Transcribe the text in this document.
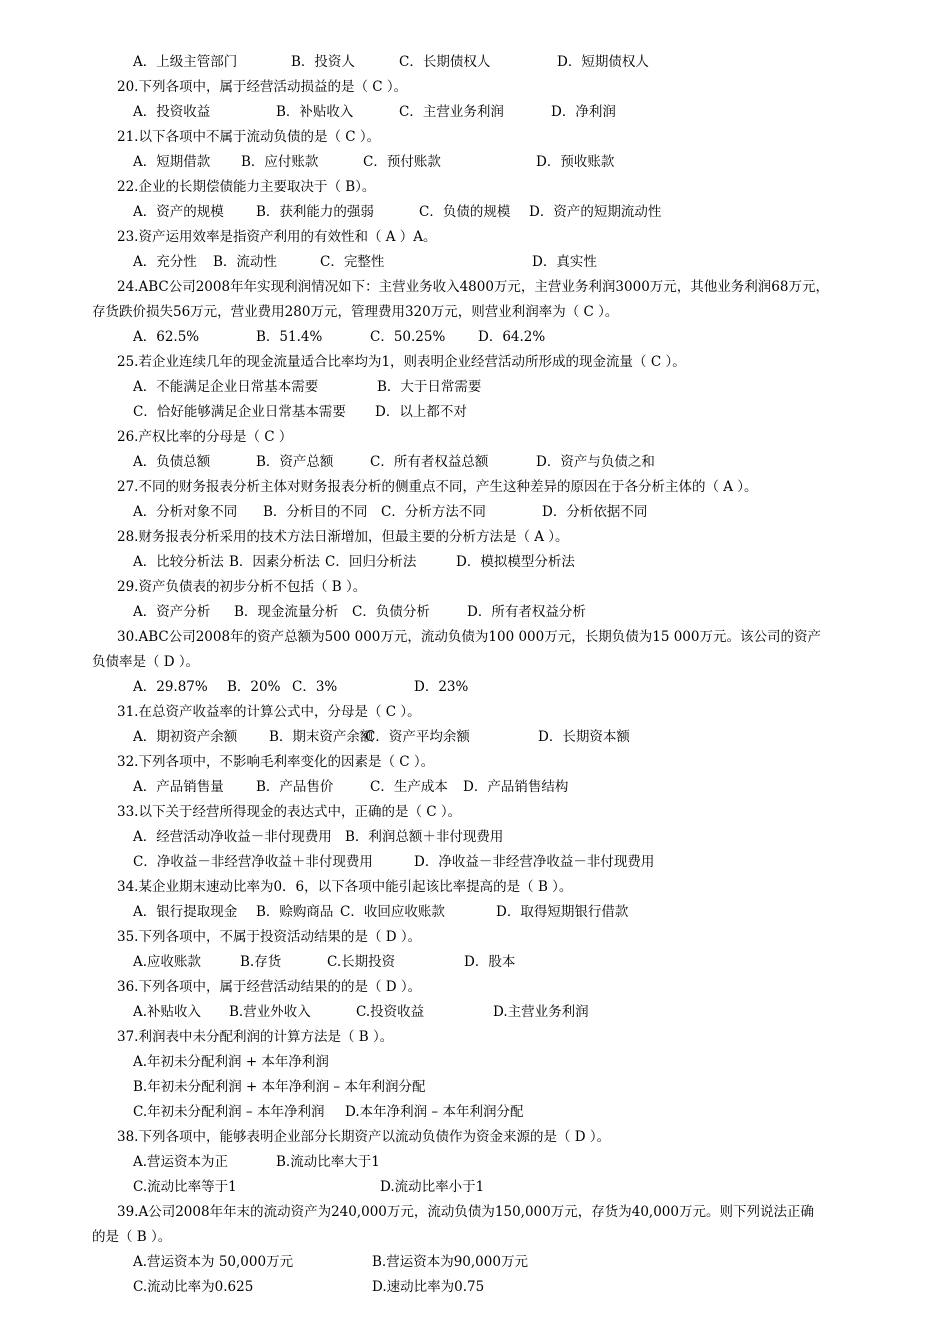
A．上级主管部门	B．投资人	C．长期债权人	D．短期债权人
20.下列各项中，属于经营活动损益的是（ C ）。
A．投资收益	B．补贴收入	C．主营业务利润	D．净利润
21.以下各项中不属于流动负债的是（ C ）。
A．短期借款 B．应付账款	C．预付账款	D．预收账款
22.企业的长期偿债能力主要取决于（ B）。
A．资产的规模 B．获利能力的强弱	C．负债的规模 D．资产的短期流动性
23.资产运用效率是指资产利用的有效性和（ A ）A。
A．充分性 B．流动性	C．完整性	D．真实性
24.ABC公司2008年年实现利润情况如下：主营业务收入4800万元，主营业务利润3000万元，其他业务利润68万元，
存货跌价损失56万元，营业费用280万元，管理费用320万元，则营业利润率为（ C ）。
A．62.5%	B．51.4%	C．50.25% D．64.2%
25.若企业连续几年的现金流量适合比率均为1，则表明企业经营活动所形成的现金流量（ C ）。
A．不能满足企业日常基本需要	B．大于日常需要
C．恰好能够满足企业日常基本需要 D．以上都不对
26.产权比率的分母是（ C ）
A．负债总额	B．资产总额	C．所有者权益总额	D．资产与负债之和
27.不同的财务报表分析主体对财务报表分析的侧重点不同，产生这种差异的原因在于各分析主体的（ A ）。
A．分析对象不同 B．分析目的不同 C．分析方法不同	D．分析依据不同
28.财务报表分析采用的技术方法日渐增加，但最主要的分析方法是（ A ）。
A．比较分析法 B．因素分析法 C．回归分析法	D．模拟模型分析法
29.资产负债表的初步分析不包括（ B ）。
A．资产分析 B．现金流量分析 C．负债分析	D．所有者权益分析
30.ABC公司2008年的资产总额为500 000万元，流动负债为100 000万元，长期负债为15 000万元。该公司的资产
负债率是（ D ）。
A．29.87% B．20% C．3%	D．23%
31.在总资产收益率的计算公式中，分母是（ C ）。
A．期初资产余额 B．期末资产余额
C．资产平均余额	D．长期资本额
32.下列各项中，不影响毛利率变化的因素是（ C ）。
A．产品销售量 B．产品售价	C．生产成本 D．产品销售结构
33.以下关于经营所得现金的表达式中，正确的是（ C ）。
A．经营活动净收益－非付现费用 B．利润总额＋非付现费用
C．净收益－非经营净收益＋非付现费用	D．净收益－非经营净收益－非付现费用
34.某企业期末速动比率为0．6，以下各项中能引起该比率提高的是（ B ）。
A．银行提取现金 B．赊购商品 C．收回应收账款	D．取得短期银行借款
35.下列各项中，不属于投资活动结果的是（ D ）。
A.应收账款	B.存货	C.长期投资	D．股本
36.下列各项中，属于经营活动结果的的是（ D ）。
A.补贴收入 B.营业外收入	C.投资收益	D.主营业务利润
37.利润表中未分配利润的计算方法是（ B ）。
A.年初未分配利润 + 本年净利润
B.年初未分配利润 + 本年净利润 – 本年利润分配
C.年初未分配利润 – 本年净利润 D.本年净利润 – 本年利润分配
38.下列各项中，能够表明企业部分长期资产以流动负债作为资金来源的是（ D ）。
A.营运资本为正	B.流动比率大于1
C.流动比率等于1	D.流动比率小于1
39.A公司2008年年末的流动资产为240,000万元，流动负债为150,000万元，存货为40,000万元。则下列说法正确
的是（ B ）。
A.营运资本为 50,000万元	B.营运资本为90,000万元
C.流动比率为0.625	D.速动比率为0.75
